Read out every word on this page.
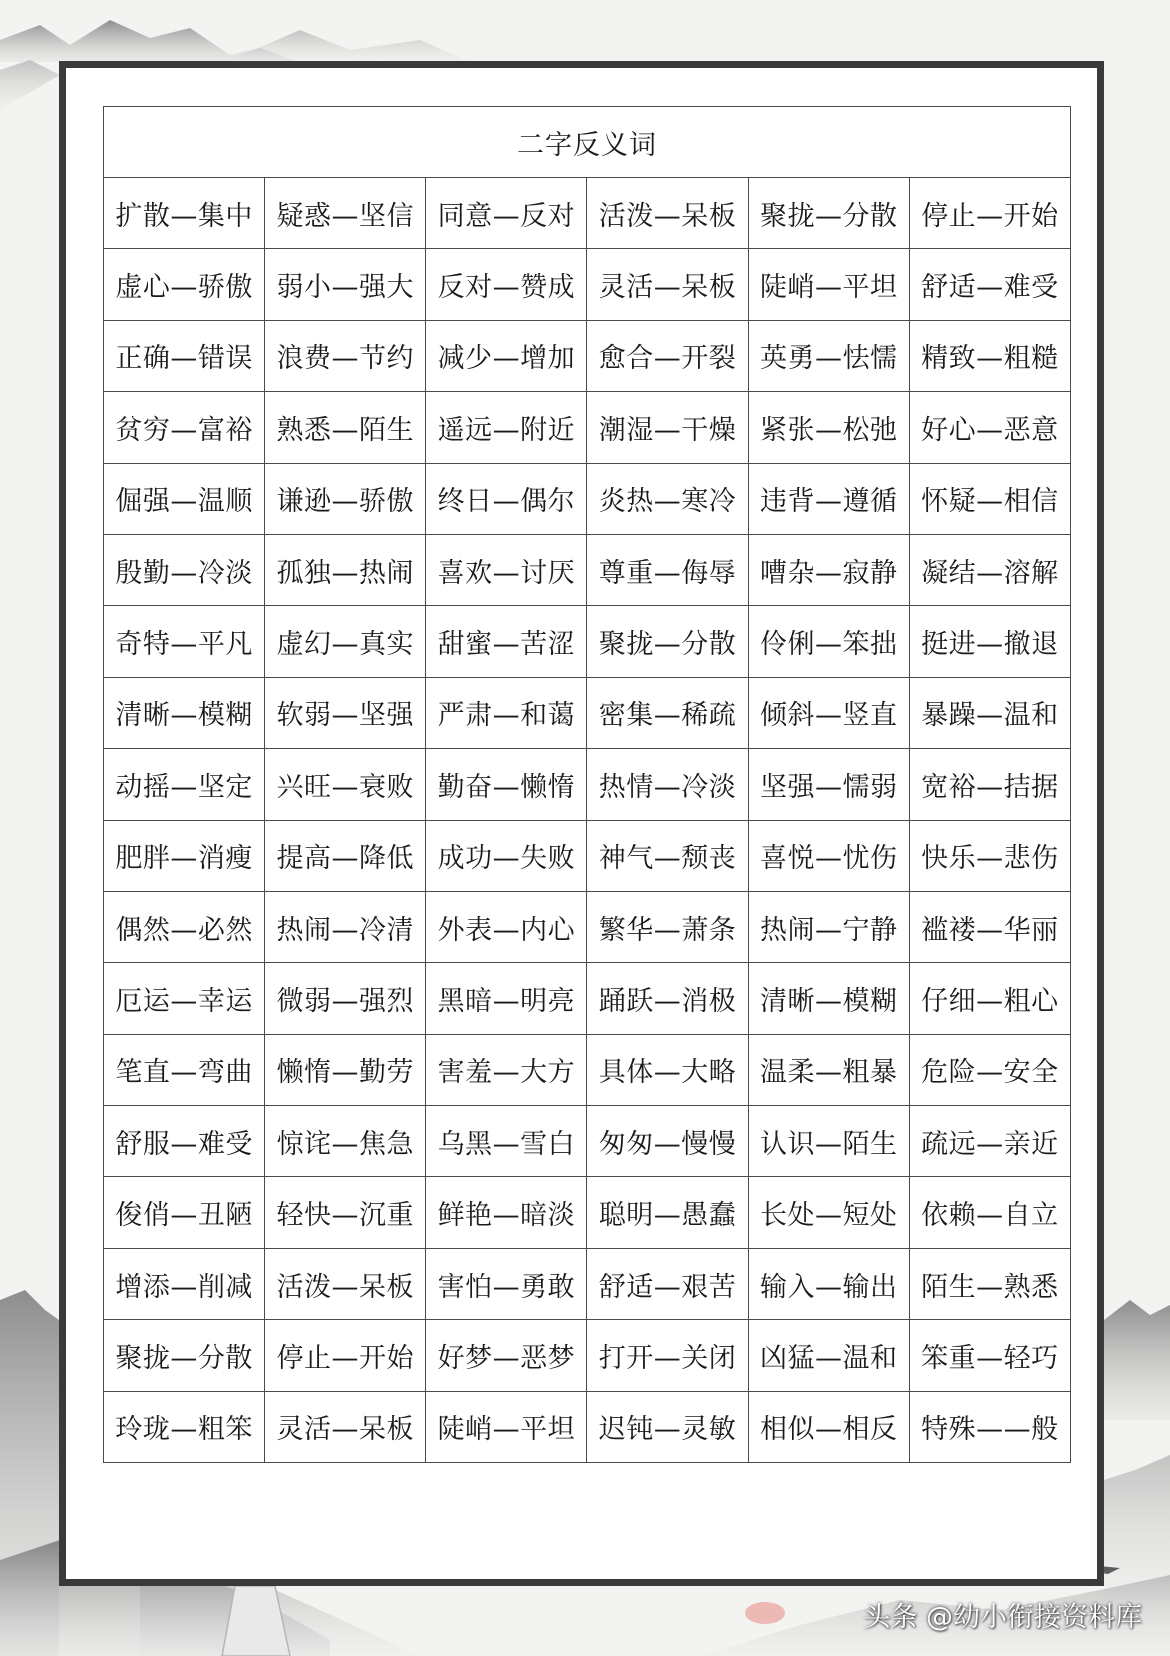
二字反义词					
扩散—集中	疑惑—坚信	同意—反对	活泼—呆板	聚拢—分散	停止—开始
虚心—骄傲	弱小—强大	反对—赞成	灵活—呆板	陡峭—平坦	舒适—难受
正确—错误	浪费—节约	减少—增加	愈合—开裂	英勇—怯懦	精致—粗糙
贫穷—富裕	熟悉—陌生	遥远—附近	潮湿—干燥	紧张—松弛	好心—恶意
倔强—温顺	谦逊—骄傲	终日—偶尔	炎热—寒冷	违背—遵循	怀疑—相信
殷勤—冷淡	孤独—热闹	喜欢—讨厌	尊重—侮辱	嘈杂—寂静	凝结—溶解
奇特—平凡	虚幻—真实	甜蜜—苦涩	聚拢—分散	伶俐—笨拙	挺进—撤退
清晰—模糊	软弱—坚强	严肃—和蔼	密集—稀疏	倾斜—竖直	暴躁—温和
动摇—坚定	兴旺—衰败	勤奋—懒惰	热情—冷淡	坚强—懦弱	宽裕—拮据
肥胖—消瘦	提高—降低	成功—失败	神气—颓丧	喜悦—忧伤	快乐—悲伤
偶然—必然	热闹—冷清	外表—内心	繁华—萧条	热闹—宁静	褴褛—华丽
厄运—幸运	微弱—强烈	黑暗—明亮	踊跃—消极	清晰—模糊	仔细—粗心
笔直—弯曲	懒惰—勤劳	害羞—大方	具体—大略	温柔—粗暴	危险—安全
舒服—难受	惊诧—焦急	乌黑—雪白	匆匆—慢慢	认识—陌生	疏远—亲近
俊俏—丑陋	轻快—沉重	鲜艳—暗淡	聪明—愚蠢	长处—短处	依赖—自立
增添—削减	活泼—呆板	害怕—勇敢	舒适—艰苦	输入—输出	陌生—熟悉
聚拢—分散	停止—开始	好梦—恶梦	打开—关闭	凶猛—温和	笨重—轻巧
玲珑—粗笨	灵活—呆板	陡峭—平坦	迟钝—灵敏	相似—相反	特殊——般
头条 @幼小衔接资料库
